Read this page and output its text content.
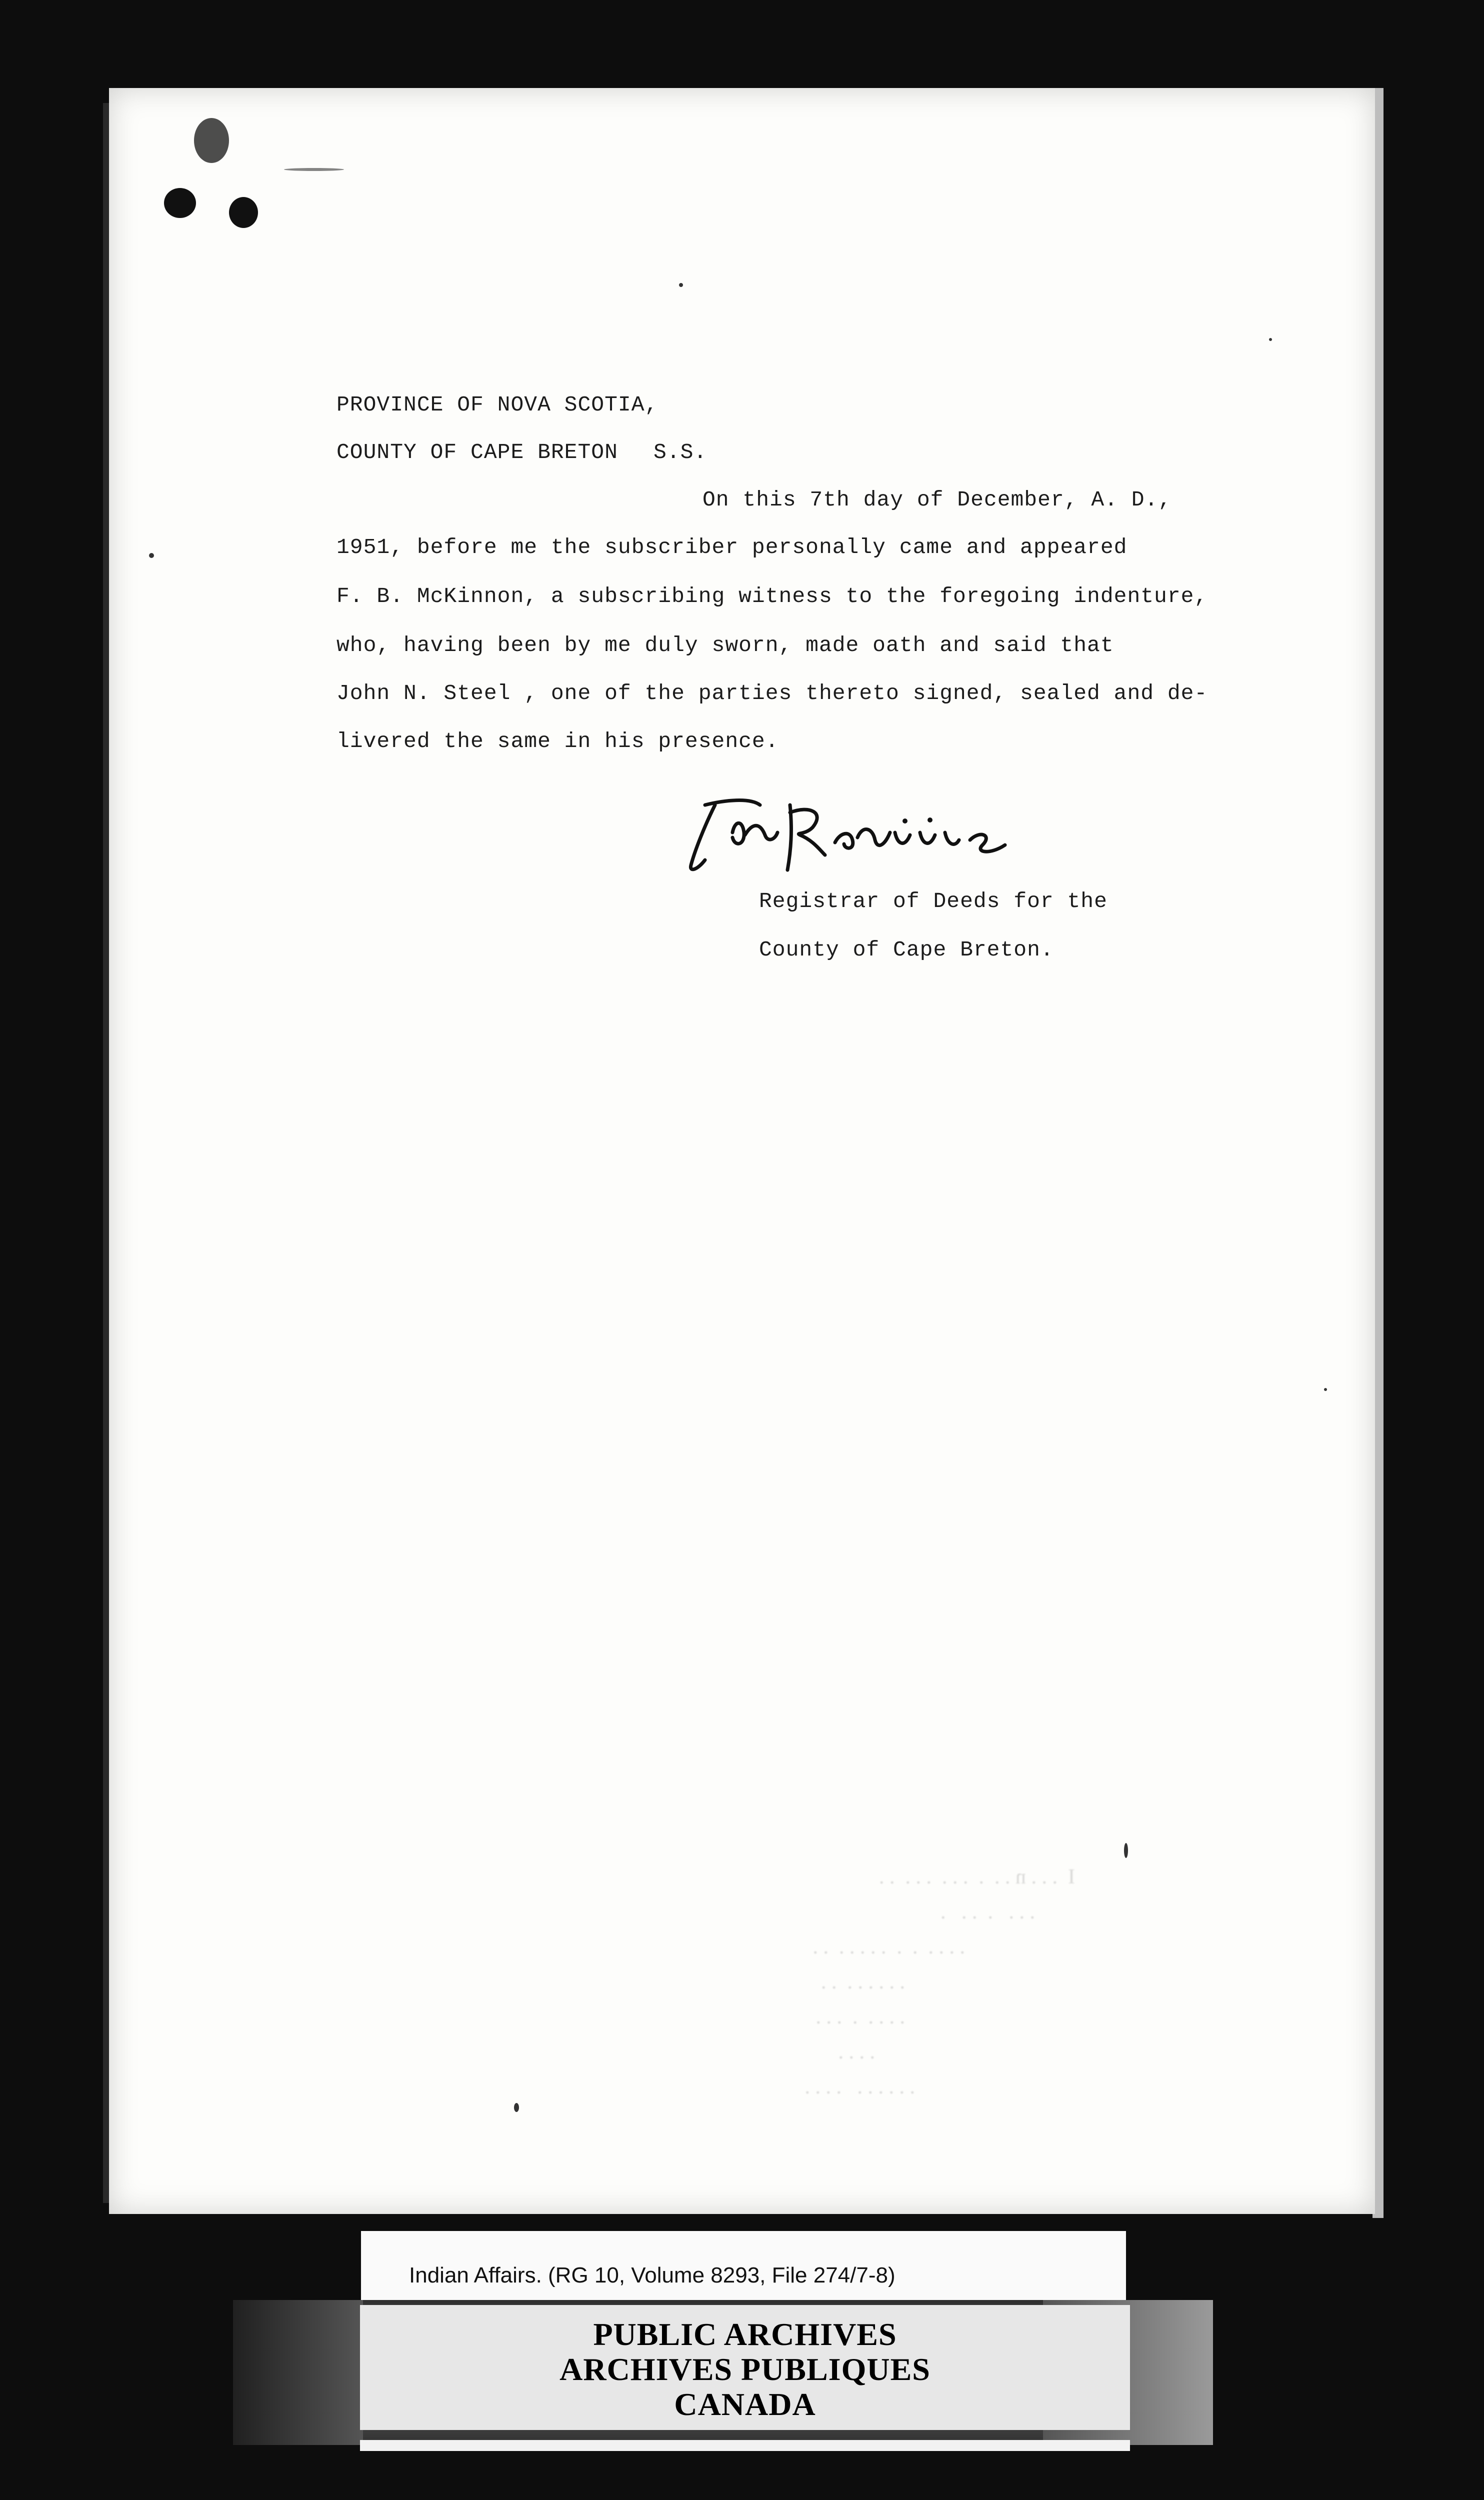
PROVINCE OF NOVA SCOTIA,
COUNTY OF CAPE BRETON S.S.
On this 7th day of December, A. D.,
1951, before me the subscriber personally came and appeared
F. B. McKinnon, a subscribing witness to the foregoing indenture,
who, having been by me duly sworn, made oath and said that
John N. Steel , one of the parties thereto signed, sealed and de-
livered the same in his presence.
Registrar of Deeds for the
County of Cape Breton.
I  . . . n . .  .  . . .  . . .  . .
. . .   .  . .   .
. . . .  .  .  . . . . .  . .
. . . . . .  . .
. . . .  .  . . .
. . . .
. . . . . .   . . . .
Indian Affairs. (RG 10, Volume 8293, File 274/7-8)
PUBLIC ARCHIVES
ARCHIVES PUBLIQUES
CANADA
